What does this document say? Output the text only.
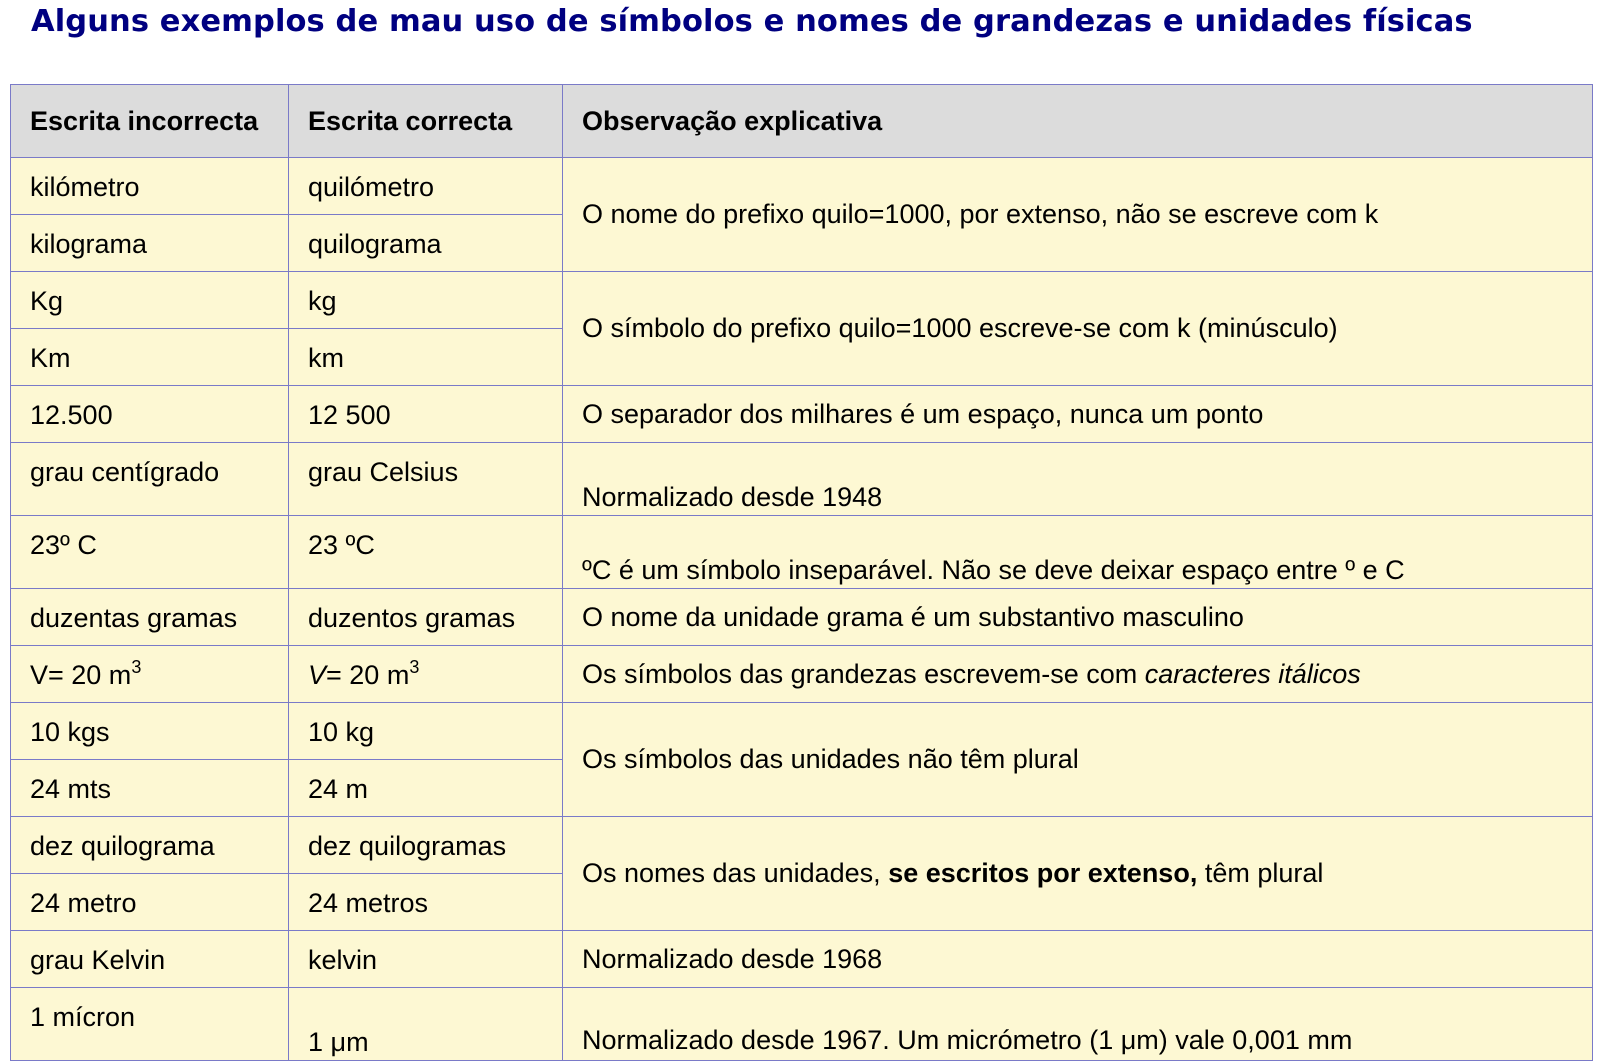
Alguns exemplos de mau uso de símbolos e nomes de grandezas e unidades físicas
Escrita incorrecta	Escrita correcta	Observação explicativa
kilómetro	quilómetro	O nome do prefixo quilo=1000, por extenso, não se escreve com k
kilograma	quilograma	
Kg	kg	O símbolo do prefixo quilo=1000 escreve-se com k (minúsculo)
Km	km	
12.500	12 500	O separador dos milhares é um espaço, nunca um ponto
grau centígrado	grau Celsius	Normalizado desde 1948
23º C	23 ºC	ºC é um símbolo inseparável. Não se deve deixar espaço entre º e C
duzentas gramas	duzentos gramas	O nome da unidade grama é um substantivo masculino
V= 20 $m^3$	V= 20 $m^3$	Os símbolos das grandezas escrevem-se com caracteres itálicos
10 kgs	10 kg	Os símbolos das unidades não têm plural
24 mts	24 m	
dez quilograma	dez quilogramas	Os nomes das unidades, se escritos por extenso, têm plural
24 metro	24 metros	
grau Kelvin	kelvin	Normalizado desde 1968
1 mícron	1 μm	Normalizado desde 1967. Um micrómetro (1 μm) vale 0,001 mm
